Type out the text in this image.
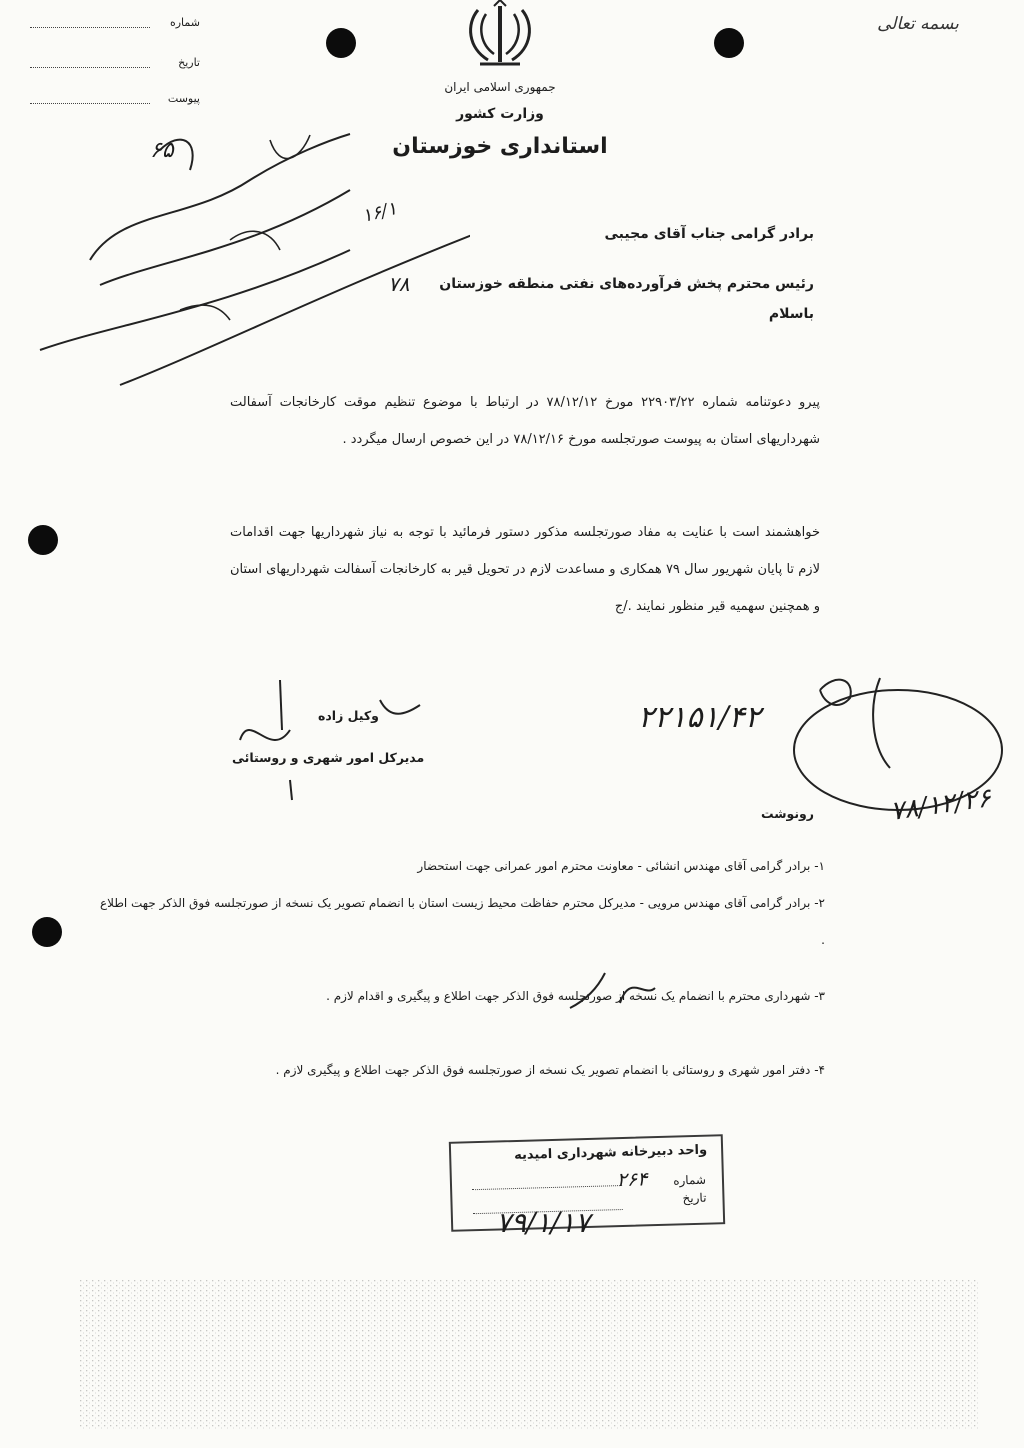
شماره
تاریخ
پیوست
بسمه تعالی
جمهوری اسلامی ایران
وزارت کشور
استانداری خوزستان
۱۶/۱
۶۵
برادر گرامی جناب آقای مجیبی
رئیس محترم پخش فرآورده‌های نفتی منطقه خوزستان
۷۸
باسلام
پیرو دعوتنامه شماره ۲۲۹۰۳/۲۲ مورخ ۷۸/۱۲/۱۲ در ارتباط با موضوع تنظیم موقت کارخانجات آسفالت شهرداریهای استان به پیوست صورتجلسه مورخ ۷۸/۱۲/۱۶ در این خصوص ارسال میگردد .
خواهشمند است با عنایت به مفاد صورتجلسه مذکور دستور فرمائید با توجه به نیاز شهرداریها جهت اقدامات لازم تا پایان شهریور سال ۷۹ همکاری و مساعدت لازم در تحویل قیر به کارخانجات آسفالت شهرداریهای استان و همچنین سهمیه قیر منظور نمایند ./ج
وکیل زاده
مدیرکل امور شهری و روستائی
۲۲۱۵۱/۴۲
۷۸/۱۲/۲۶
رونوشت
۱- برادر گرامی آقای مهندس انشائی - معاونت محترم امور عمرانی جهت استحضار
۲- برادر گرامی آقای مهندس مرویی - مدیرکل محترم حفاظت محیط زیست استان با انضمام تصویر یک نسخه از صورتجلسه فوق الذکر جهت اطلاع .
۳- شهرداری محترم با انضمام یک نسخه از صورتجلسه فوق الذکر جهت اطلاع و پیگیری و اقدام لازم .
۴- دفتر امور شهری و روستائی با انضمام تصویر یک نسخه از صورتجلسه فوق الذکر جهت اطلاع و پیگیری لازم .
واحد دبیرخانه شهرداری امیدیه
شماره ۲۶۴
تاریخ
۷۹/۱/۱۷
